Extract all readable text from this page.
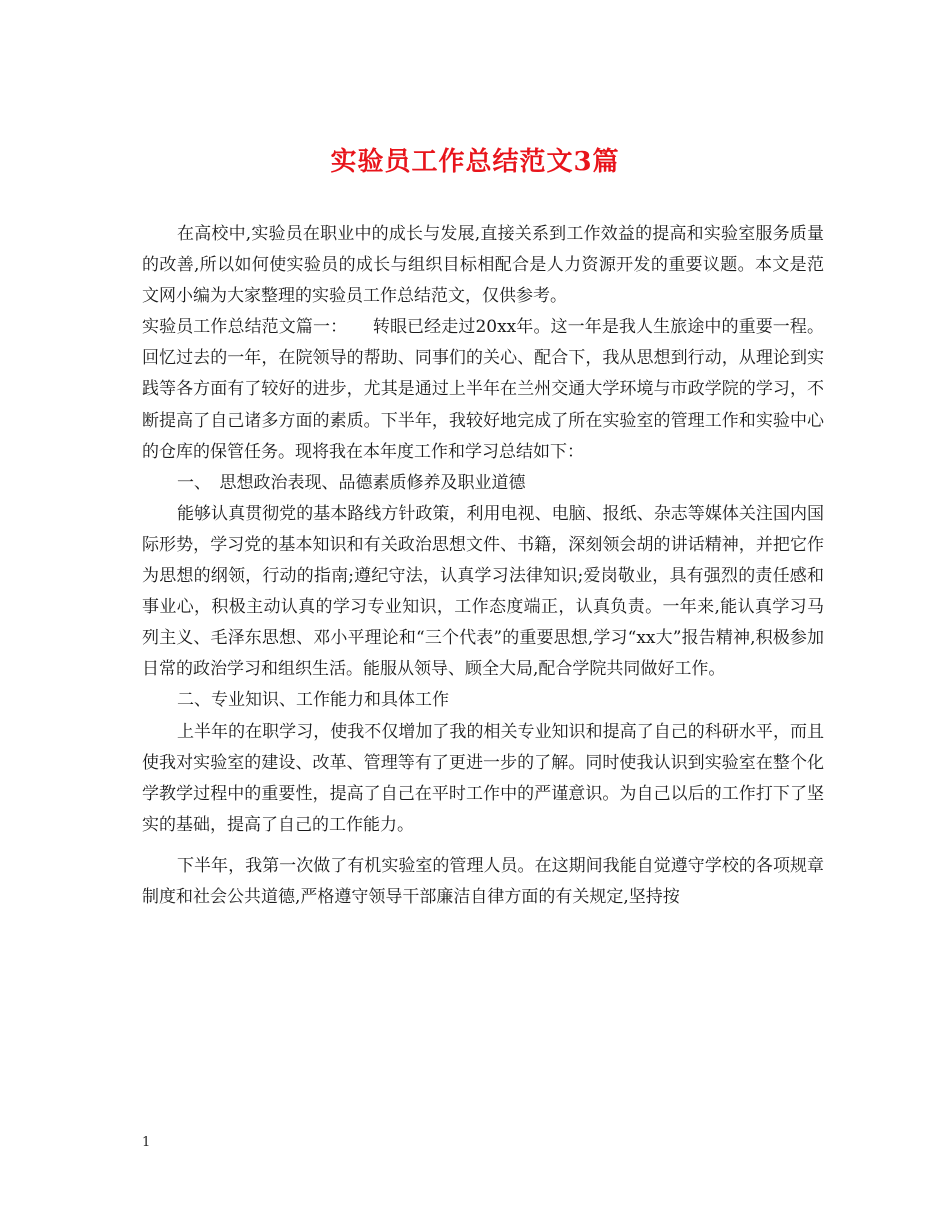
实验员工作总结范文3篇

在高校中,实验员在职业中的成长与发展,直接关系到工作效益的提高和实验室服务质量的改善,所以如何使实验员的成长与组织目标相配合是人力资源开发的重要议题。本文是范文网小编为大家整理的实验员工作总结范文，仅供参考。

实验员工作总结范文篇一：　　转眼已经走过20xx年。这一年是我人生旅途中的重要一程。回忆过去的一年，在院领导的帮助、同事们的关心、配合下，我从思想到行动，从理论到实践等各方面有了较好的进步，尤其是通过上半年在兰州交通大学环境与市政学院的学习，不断提高了自己诸多方面的素质。下半年，我较好地完成了所在实验室的管理工作和实验中心的仓库的保管任务。现将我在本年度工作和学习总结如下：

一、　思想政治表现、品德素质修养及职业道德

能够认真贯彻党的基本路线方针政策，利用电视、电脑、报纸、杂志等媒体关注国内国际形势，学习党的基本知识和有关政治思想文件、书籍，深刻领会胡的讲话精神，并把它作为思想的纲领，行动的指南;遵纪守法，认真学习法律知识;爱岗敬业，具有强烈的责任感和事业心，积极主动认真的学习专业知识，工作态度端正，认真负责。一年来,能认真学习马列主义、毛泽东思想、邓小平理论和“三个代表”的重要思想,学习“xx大”报告精神,积极参加日常的政治学习和组织生活。能服从领导、顾全大局,配合学院共同做好工作。

二、专业知识、工作能力和具体工作

上半年的在职学习，使我不仅增加了我的相关专业知识和提高了自己的科研水平，而且使我对实验室的建设、改革、管理等有了更进一步的了解。同时使我认识到实验室在整个化学教学过程中的重要性，提高了自己在平时工作中的严谨意识。为自己以后的工作打下了坚实的基础，提高了自己的工作能力。

下半年，我第一次做了有机实验室的管理人员。在这期间我能自觉遵守学校的各项规章制度和社会公共道德,严格遵守领导干部廉洁自律方面的有关规定,坚持按

1
